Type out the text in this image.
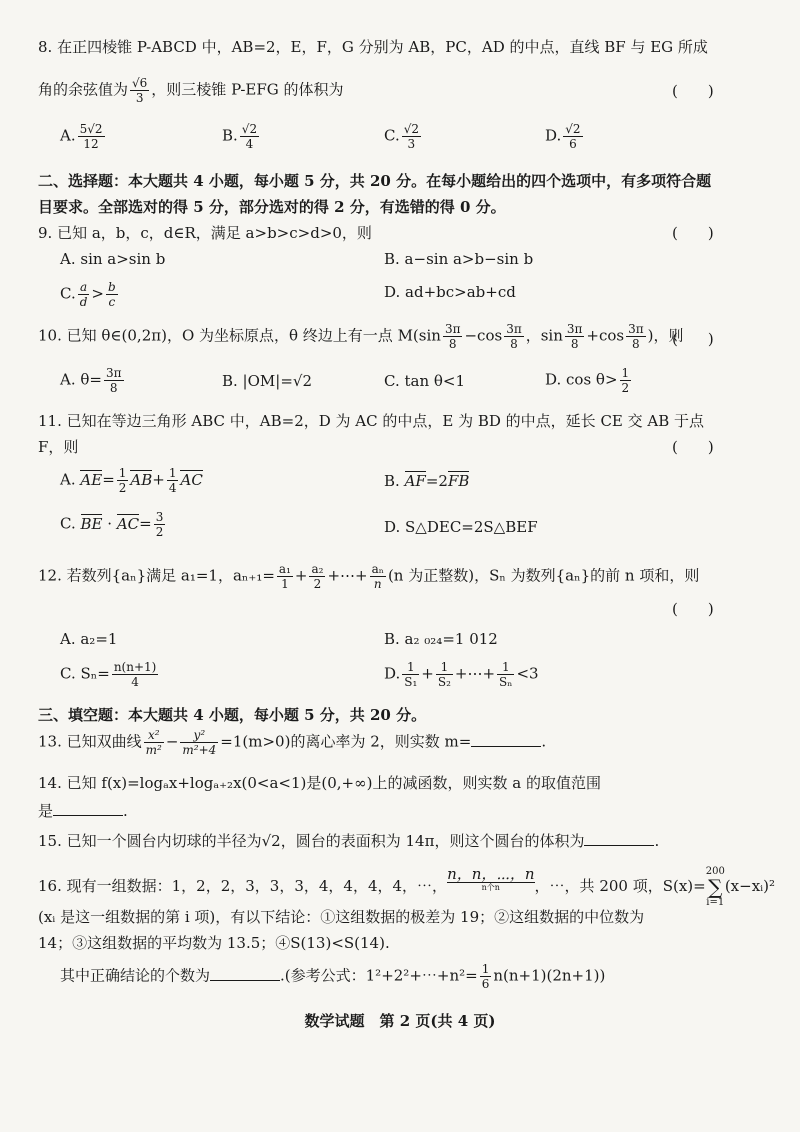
8. 在正四棱锥 P-ABCD 中，AB=2，E，F，G 分别为 AB，PC，AD 的中点，直线 BF 与 EG 所成
角的余弦值为 $\frac{√6}{3}$ ，则三棱锥 P-EFG 的体积为	(　　)
A. $\frac{5√2}{12}$	B. $\frac{√2}{4}$	C. $\frac{√2}{3}$	D. $\frac{√2}{6}$
二、选择题：本大题共 4 小题，每小题 5 分，共 20 分。在每小题给出的四个选项中，有多项符合题
目要求。全部选对的得 5 分，部分选对的得 2 分，有选错的得 0 分。
9. 已知 a，b，c，d∈R，满足 a>b>c>d>0，则	(　　)
A. sin a>sin b	B. a−sin a>b−sin b
C. $\frac{a}{d} > \frac{b}{c}$	D. ad+bc>ab+cd
10. 已知 θ∈(0,2π)，O 为坐标原点，θ 终边上有一点 $M(\sin \frac{3\pi}{8} -\cos \frac{3\pi}{8}$ ，$\sin \frac{3\pi}{8} +\cos \frac{3\pi}{8}$ )，则
(　　)
A. $\theta= \frac{3\pi}{8}$	B. |OM|=√2	C. tan θ<1	D. $\cos \theta> \frac{1}{2}$
11. 已知在等边三角形 ABC 中，AB=2，D 为 AC 的中点，E 为 BD 的中点，延长 CE 交 AB 于点
F，则	(　　)
A. $AE= \frac{1}{2} AB+ \frac{1}{4}$ AC	B. AF=2FB
C. BE · $AC= \frac{3}{2}$	D. S△DEC=2S△BEF
12. 若数列{aₙ}满足 a₁=1，$a_{n+1}= \frac{\text{a₁}}{1} + \frac{\text{a₂}}{2}$ +⋯+ $\frac{\text{aₙ}}{n} (n$ 为正整数)，Sₙ 为数列{aₙ}的前 n 项和，则
(　　)
A. a₂=1	B. a₂ ₀₂₄=1 012
C. $S_n= \frac{n(n+1)}{4}$	D. $\frac{1}{\text{S₁}} + \frac{1}{\text{S₂}}$ +⋯+ $\frac{1}{\text{Sₙ}} <3$
三、填空题：本大题共 4 小题，每小题 5 分，共 20 分。
13. 已知双曲线 $\frac{\text{x²}}{\text{m²}} - \frac{\text{y²}}{\text{m²+4}} =1(m>0)$的离心率为 2，则实数 m=	.
14. 已知 f(x)=logₐx+logₐ₊₂x(0<a<1)是(0,+∞)上的减函数，则实数 a 的取值范围
是	.
15. 已知一个圆台内切球的半径为√2，圆台的表面积为 14π，则这个圆台的体积为	.
16. 现有一组数据：1，2，2，3，3，3，4，4，4，4，⋯，
n，n，⋯，n
n个n	，⋯，共 200 项，S(x)=
200
∑
i=1
(x−xᵢ)²
(xᵢ 是这一组数据的第 i 项)，有以下结论：①这组数据的极差为 19；②这组数据的中位数为
14；③这组数据的平均数为 13.5；④S(13)<S(14).
其中正确结论的个数为	.(参考公式：1²+2²+⋯+n²= $\frac{1}{6} n(n+1)(2n+1)$)
数学试题　第 2 页(共 4 页)
